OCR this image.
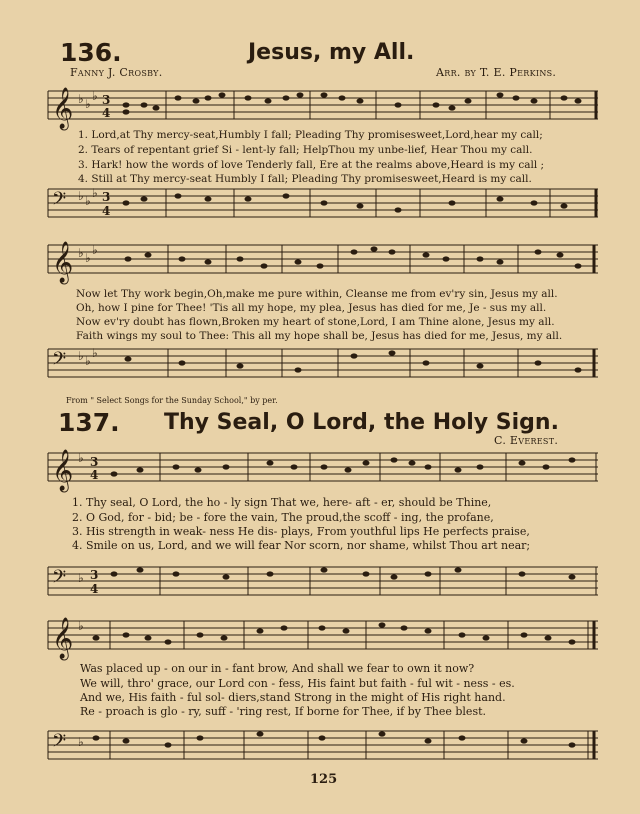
136.	Jesus, my All.
Fanny J. Crosby.	Arr. by T. E. Perkins.
𝄞 ♭ ♭
♭ 3
4
1. Lord,at Thy mercy-seat,Humbly I fall; Pleading Thy promisesweet,Lord,hear my call;
2. Tears of repentant grief Si - lent-ly fall; HelpThou my unbe-lief, Hear Thou my call.
3. Hark! how the words of love Tenderly fall, Ere at the realms above,Heard is my call ;
4. Still at Thy mercy-seat Humbly I fall; Pleading Thy promisesweet,Heard is my call.
𝄢 ♭ ♭
♭ 3
4
𝄞 ♭ ♭
♭
Now let Thy work begin,Oh,make me pure within, Cleanse me from ev'ry sin, Jesus my all.
Oh, how I pine for Thee! 'Tis all my hope, my plea, Jesus has died for me, Je - sus my all.
Now ev'ry doubt has flown,Broken my heart of stone,Lord, I am Thine alone, Jesus my all.
Faith wings my soul to Thee: This all my hope shall be, Jesus has died for me, Jesus, my all.
𝄢 ♭ ♭
♭
From " Select Songs for the Sunday School," by per.
137. Thy Seal, O Lord, the Holy Sign.
C. Everest.
𝄞 ♭ 3
4
1. Thy seal, O Lord, the ho - ly sign That we, here- aft - er, should be Thine,
2. O God, for - bid; be - fore the vain, The proud,the scoff - ing, the profane,
3. His strength in weak- ness He dis- plays, From youthful lips He perfects praise,
4. Smile on us, Lord, and we will fear Nor scorn, nor shame, whilst Thou art near;
𝄢 ♭ 3
4
𝄞 ♭
Was placed up - on our in - fant brow, And shall we fear to own it now?
We will, thro' grace, our Lord con - fess, His faint but faith - ful wit - ness - es.
And we, His faith - ful sol- diers,stand Strong in the might of His right hand.
Re - proach is glo - ry, suff - 'ring rest, If borne for Thee, if by Thee blest.
𝄢 ♭
125
